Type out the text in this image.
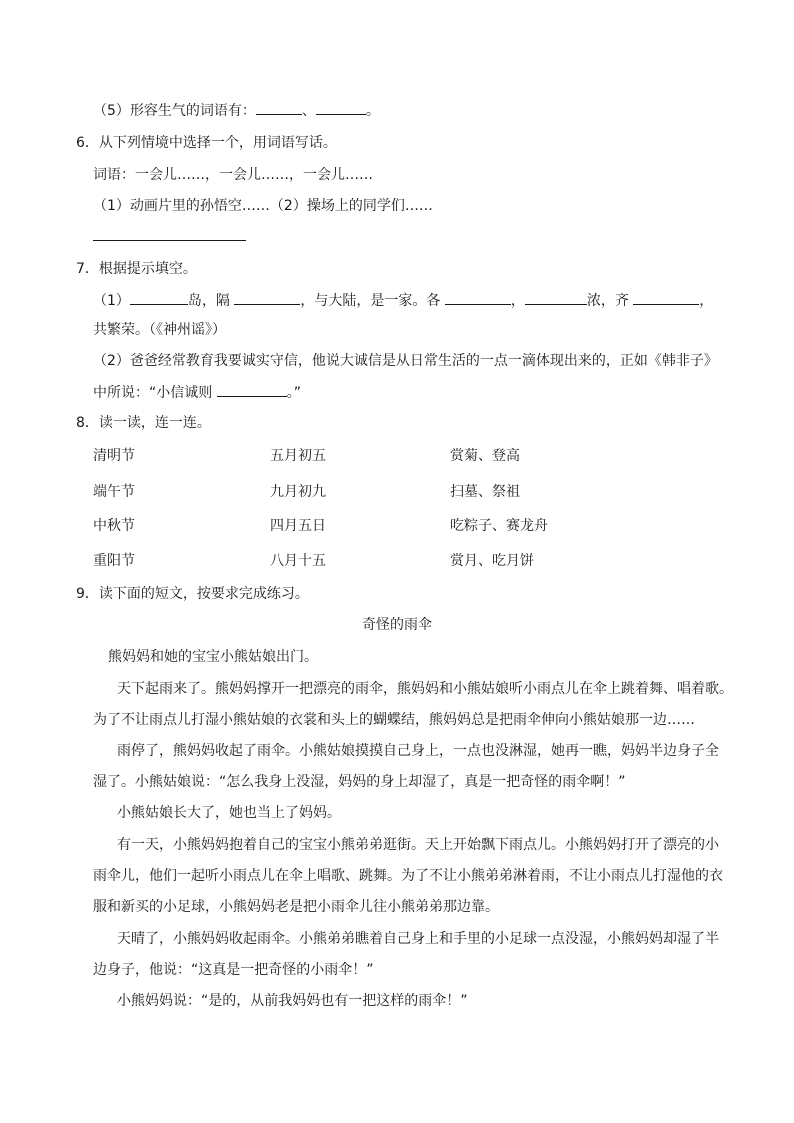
（5）形容生气的词语有：	、	。
6．从下列情境中选择一个，用词语写话。
词语：一会儿……，一会儿……，一会儿……
（1）动画片里的孙悟空……（2）操场上的同学们……
7．根据提示填空。
（1）	岛，隔	，与大陆，是一家。各	，	浓，齐	，
共繁荣。（《神州谣》）
（2）爸爸经常教育我要诚实守信，他说大诚信是从日常生活的一点一滴体现出来的，正如《韩非子》
中所说：“小信诚则	。”
8．读一读，连一连。
清明节	五月初五	赏菊、登高
端午节	九月初九	扫墓、祭祖
中秋节	四月五日	吃粽子、赛龙舟
重阳节	八月十五	赏月、吃月饼
9．读下面的短文，按要求完成练习。
奇怪的雨伞
熊妈妈和她的宝宝小熊姑娘出门。
天下起雨来了。熊妈妈撑开一把漂亮的雨伞，熊妈妈和小熊姑娘听小雨点儿在伞上跳着舞、唱着歌。
为了不让雨点儿打湿小熊姑娘的衣裳和头上的蝴蝶结，熊妈妈总是把雨伞伸向小熊姑娘那一边……
雨停了，熊妈妈收起了雨伞。小熊姑娘摸摸自己身上，一点也没淋湿，她再一瞧，妈妈半边身子全
湿了。小熊姑娘说：“怎么我身上没湿，妈妈的身上却湿了，真是一把奇怪的雨伞啊！”
小熊姑娘长大了，她也当上了妈妈。
有一天，小熊妈妈抱着自己的宝宝小熊弟弟逛街。天上开始飘下雨点儿。小熊妈妈打开了漂亮的小
雨伞儿，他们一起听小雨点儿在伞上唱歌、跳舞。为了不让小熊弟弟淋着雨，不让小雨点儿打湿他的衣
服和新买的小足球，小熊妈妈老是把小雨伞儿往小熊弟弟那边靠。
天晴了，小熊妈妈收起雨伞。小熊弟弟瞧着自己身上和手里的小足球一点没湿，小熊妈妈却湿了半
边身子，他说：“这真是一把奇怪的小雨伞！”
小熊妈妈说：“是的，从前我妈妈也有一把这样的雨伞！”
